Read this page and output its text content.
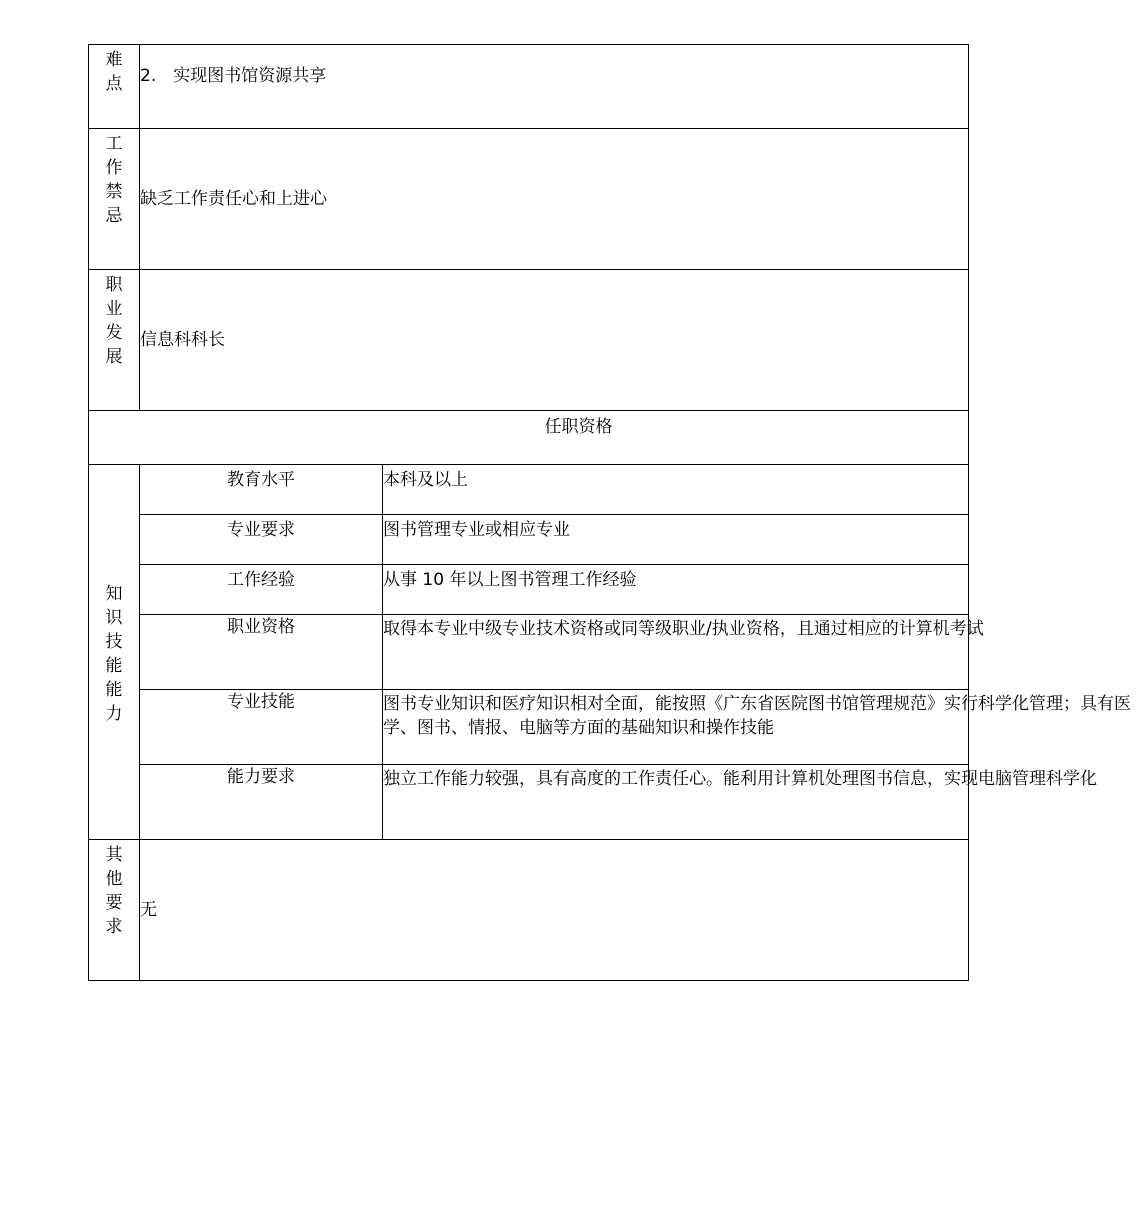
难点	2.　实现图书馆资源共享	

工作禁忌	缺乏工作责任心和上进心	

职业发展	信息科科长	

任职资格		
知识技能能力	教育水平	本科及以上

	专业要求	图书管理专业或相应专业

	工作经验	从事 10 年以上图书管理工作经验

	职业资格	取得本专业中级专业技术资格或同等级职业/执业资格，且通过相应的计算机考试

	专业技能	图书专业知识和医疗知识相对全面，能按照《广东省医院图书馆管理规范》实行科学化管理；具有医学、图书、情报、电脑等方面的基础知识和操作技能

	能力要求	独立工作能力较强，具有高度的工作责任心。能利用计算机处理图书信息，实现电脑管理科学化

其他要求	无	
